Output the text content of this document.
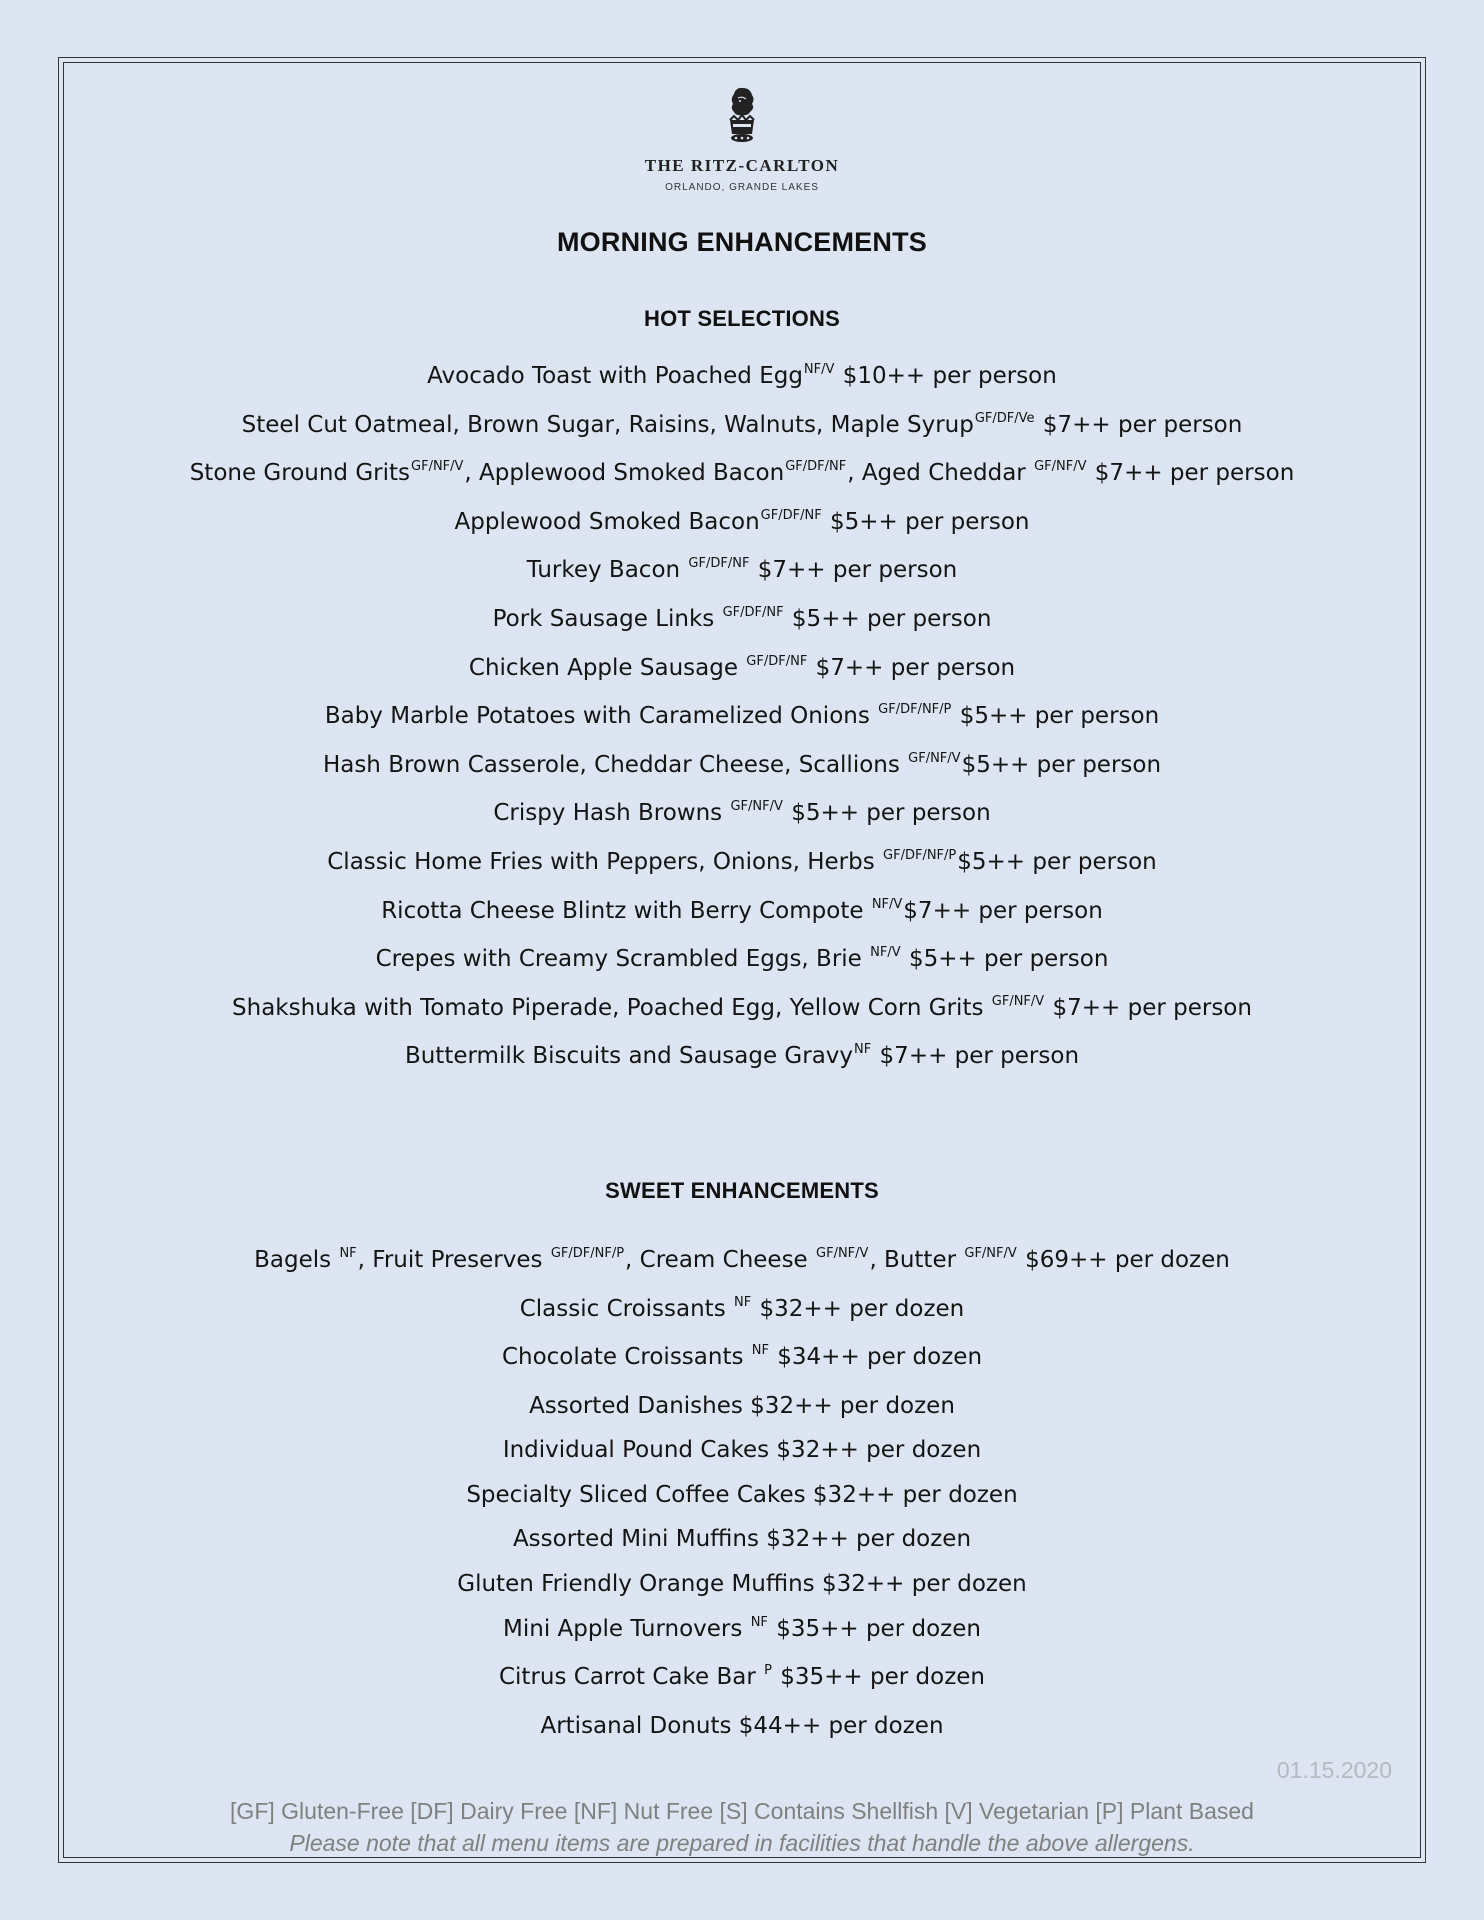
THE RITZ-CARLTON
ORLANDO, GRANDE LAKES
MORNING ENHANCEMENTS
HOT SELECTIONS
Avocado Toast with Poached Egg$^{NF/V}$ $10++ per person
Steel Cut Oatmeal, Brown Sugar, Raisins, Walnuts, Maple Syrup$^{GF/DF/Ve}$ $7++ per person
Stone Ground Grits$^{GF/NF/V}$, Applewood Smoked Bacon$^{GF/DF/NF}$, Aged Cheddar $^{GF/NF/V}$ $7++ per person
Applewood Smoked Bacon$^{GF/DF/NF}$ $5++ per person
Turkey Bacon $^{GF/DF/NF}$ $7++ per person
Pork Sausage Links $^{GF/DF/NF}$ $5++ per person
Chicken Apple Sausage $^{GF/DF/NF}$ $7++ per person
Baby Marble Potatoes with Caramelized Onions $^{GF/DF/NF/P}$ $5++ per person
Hash Brown Casserole, Cheddar Cheese, Scallions $^{GF/NF/V}$\$5++ per person
Crispy Hash Browns $^{GF/NF/V}$ $5++ per person
Classic Home Fries with Peppers, Onions, Herbs $^{GF/DF/NF/P}$\$5++ per person
Ricotta Cheese Blintz with Berry Compote $^{NF/V}$\$7++ per person
Crepes with Creamy Scrambled Eggs, Brie $^{NF/V}$ $5++ per person
Shakshuka with Tomato Piperade, Poached Egg, Yellow Corn Grits $^{GF/NF/V}$ $7++ per person
Buttermilk Biscuits and Sausage Gravy$^{NF}$ $7++ per person
SWEET ENHANCEMENTS
Bagels $^{NF}$, Fruit Preserves $^{GF/DF/NF/P}$, Cream Cheese $^{GF/NF/V}$, Butter $^{GF/NF/V}$ $69++ per dozen
Classic Croissants $^{NF}$ $32++ per dozen
Chocolate Croissants $^{NF}$ $34++ per dozen
Assorted Danishes $32++ per dozen
Individual Pound Cakes $32++ per dozen
Specialty Sliced Coffee Cakes $32++ per dozen
Assorted Mini Muffins $32++ per dozen
Gluten Friendly Orange Muffins $32++ per dozen
Mini Apple Turnovers $^{NF}$ $35++ per dozen
Citrus Carrot Cake Bar $^P$ $35++ per dozen
Artisanal Donuts $44++ per dozen
[GF] Gluten-Free [DF] Dairy Free [NF] Nut Free [S] Contains Shellfish [V] Vegetarian [P] Plant Based
Please note that all menu items are prepared in facilities that handle the above allergens.
01.15.2020
